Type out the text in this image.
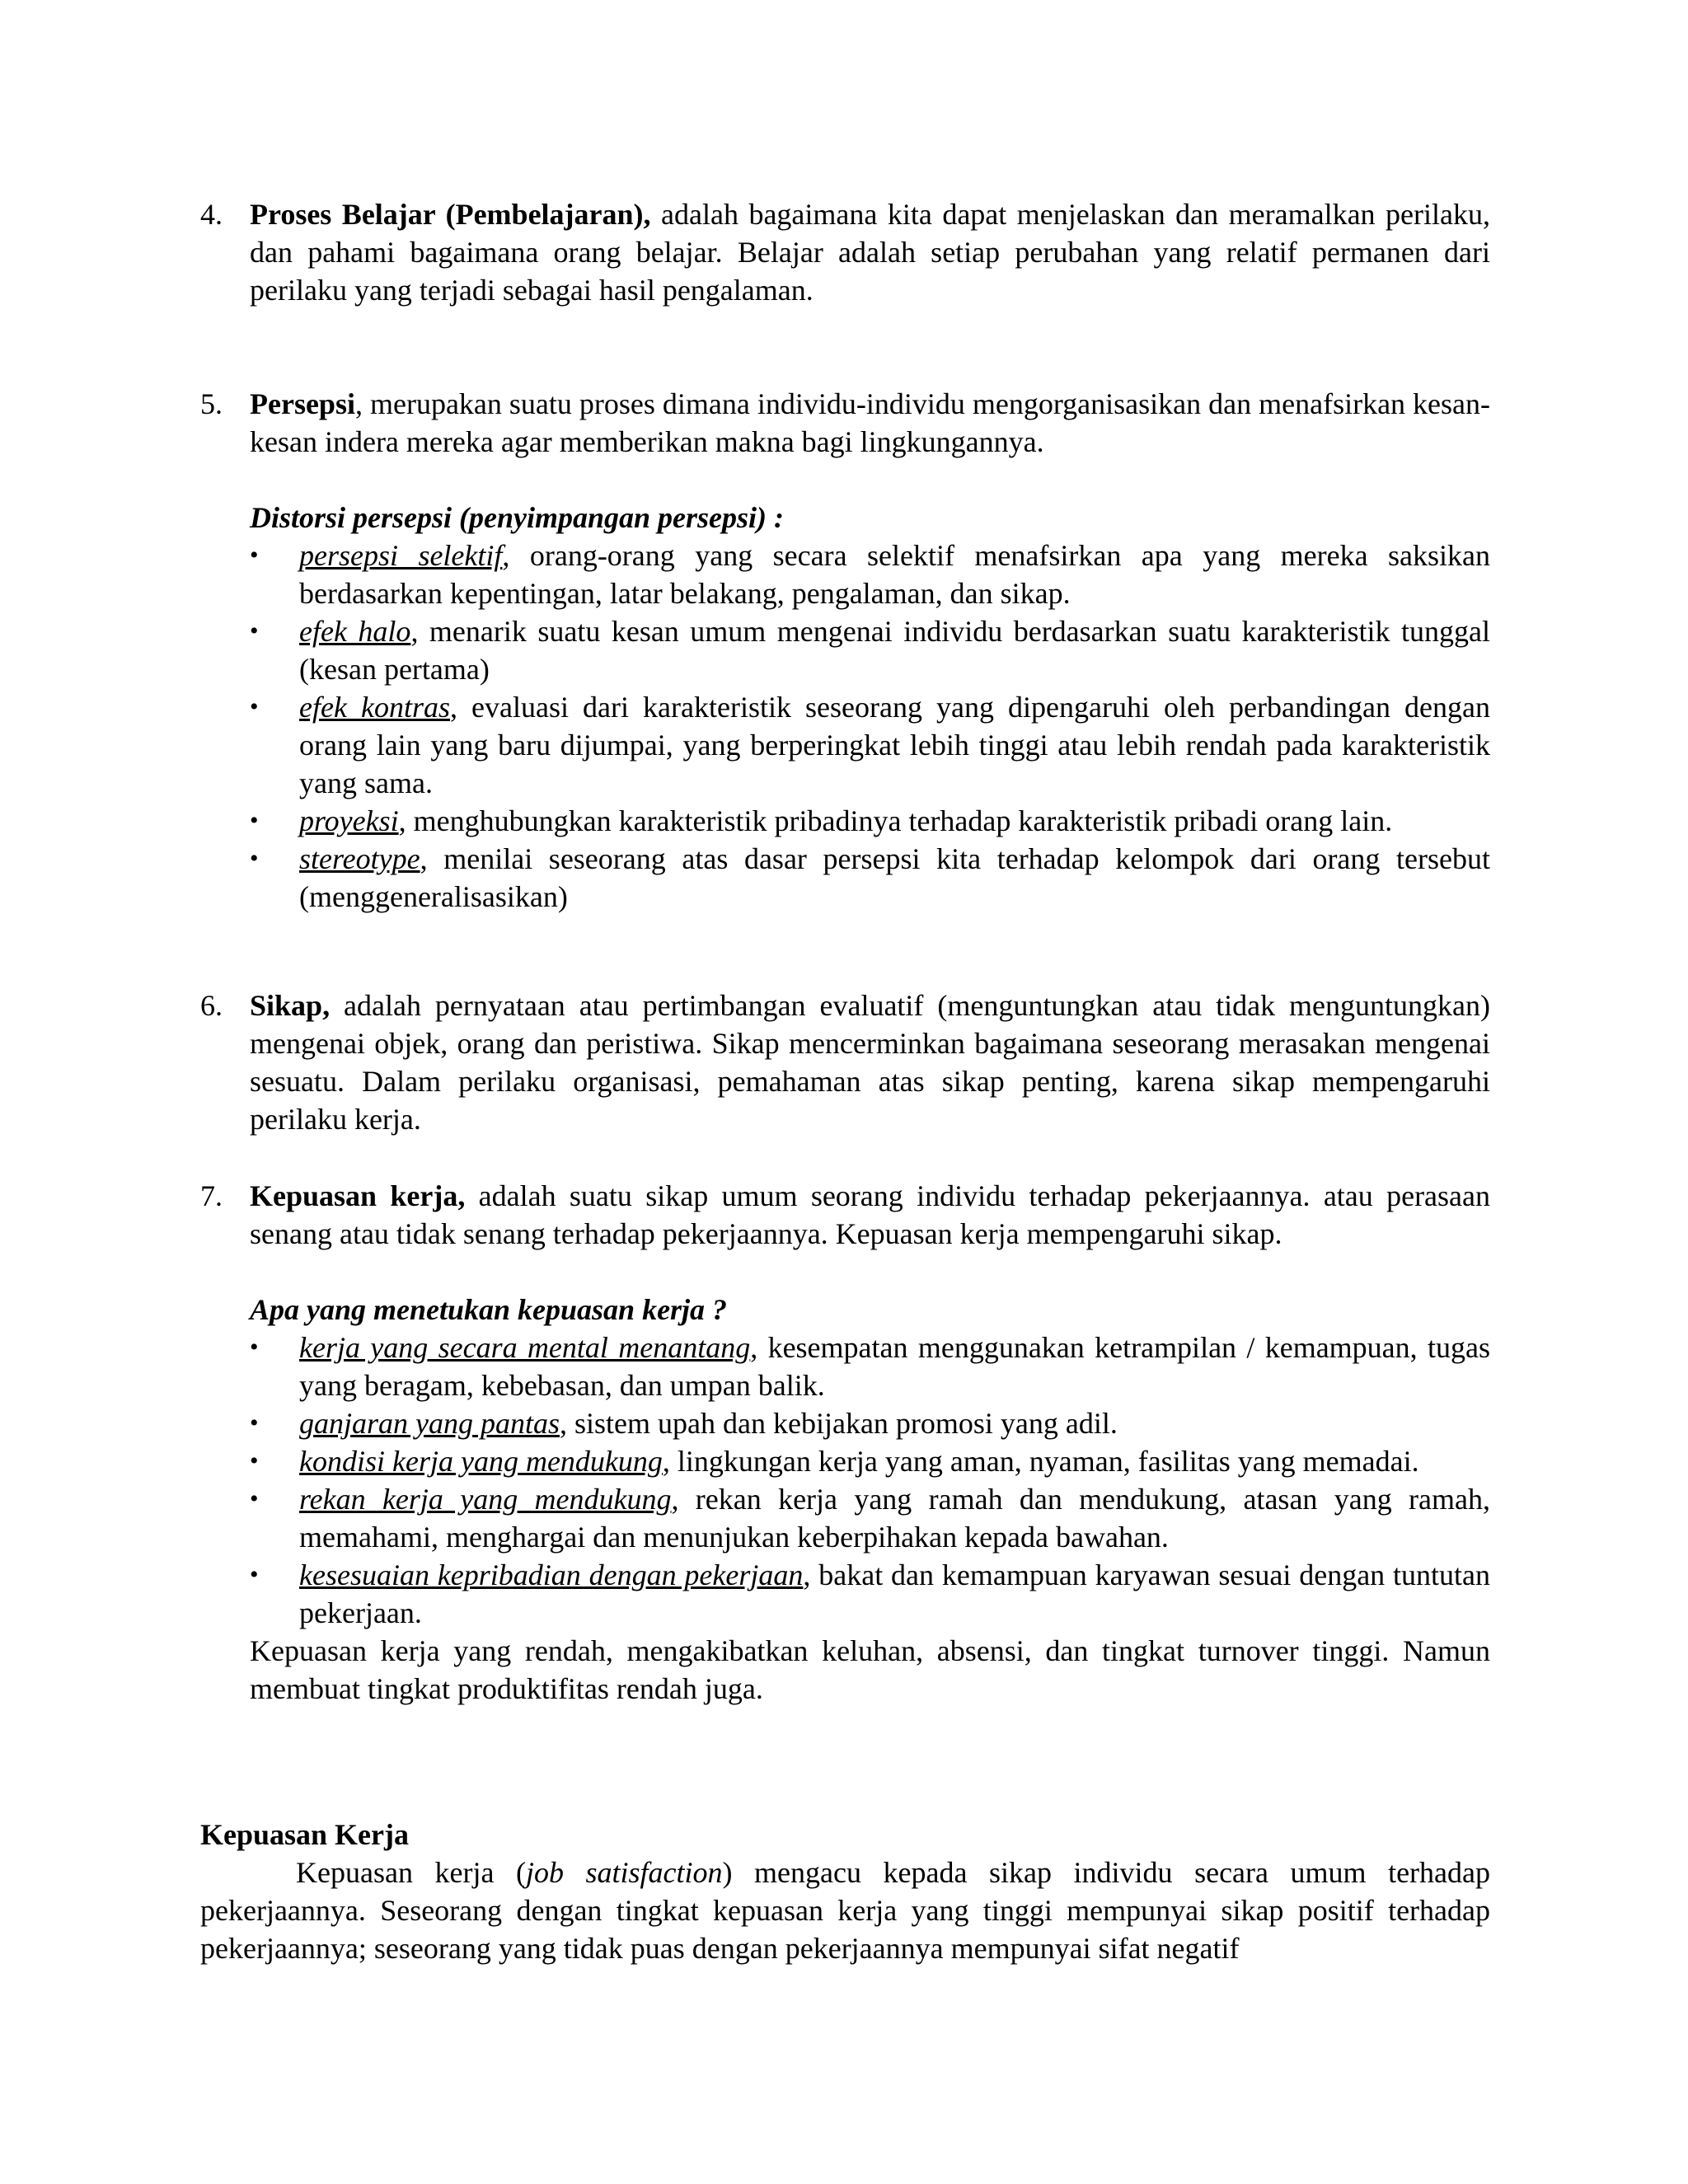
4. Proses Belajar (Pembelajaran), adalah bagaimana kita dapat menjelaskan dan meramalkan perilaku, dan pahami bagaimana orang belajar. Belajar adalah setiap perubahan yang relatif permanen dari perilaku yang terjadi sebagai hasil pengalaman.
5. Persepsi, merupakan suatu proses dimana individu-individu mengorganisasikan dan menafsirkan kesan-kesan indera mereka agar memberikan makna bagi lingkungannya.
Distorsi persepsi (penyimpangan persepsi) :
• persepsi selektif, orang-orang yang secara selektif menafsirkan apa yang mereka saksikan berdasarkan kepentingan, latar belakang, pengalaman, dan sikap.
• efek halo, menarik suatu kesan umum mengenai individu berdasarkan suatu karakteristik tunggal (kesan pertama)
• efek kontras, evaluasi dari karakteristik seseorang yang dipengaruhi oleh perbandingan dengan orang lain yang baru dijumpai, yang berperingkat lebih tinggi atau lebih rendah pada karakteristik yang sama.
• proyeksi, menghubungkan karakteristik pribadinya terhadap karakteristik pribadi orang lain.
• stereotype, menilai seseorang atas dasar persepsi kita terhadap kelompok dari orang tersebut (menggeneralisasikan)
6. Sikap, adalah pernyataan atau pertimbangan evaluatif (menguntungkan atau tidak menguntungkan) mengenai objek, orang dan peristiwa. Sikap mencerminkan bagaimana seseorang merasakan mengenai sesuatu. Dalam perilaku organisasi, pemahaman atas sikap penting, karena sikap mempengaruhi perilaku kerja.
7. Kepuasan kerja, adalah suatu sikap umum seorang individu terhadap pekerjaannya. atau perasaan senang atau tidak senang terhadap pekerjaannya. Kepuasan kerja mempengaruhi sikap.
Apa yang menetukan kepuasan kerja ?
• kerja yang secara mental menantang, kesempatan menggunakan ketrampilan / kemampuan, tugas yang beragam, kebebasan, dan umpan balik.
• ganjaran yang pantas, sistem upah dan kebijakan promosi yang adil.
• kondisi kerja yang mendukung, lingkungan kerja yang aman, nyaman, fasilitas yang memadai.
• rekan kerja yang mendukung, rekan kerja yang ramah dan mendukung, atasan yang ramah, memahami, menghargai dan menunjukan keberpihakan kepada bawahan.
• kesesuaian kepribadian dengan pekerjaan, bakat dan kemampuan karyawan sesuai dengan tuntutan pekerjaan.
Kepuasan kerja yang rendah, mengakibatkan keluhan, absensi, dan tingkat turnover tinggi. Namun membuat tingkat produktifitas rendah juga.
Kepuasan Kerja
Kepuasan kerja (job satisfaction) mengacu kepada sikap individu secara umum terhadap pekerjaannya. Seseorang dengan tingkat kepuasan kerja yang tinggi mempunyai sikap positif terhadap pekerjaannya; seseorang yang tidak puas dengan pekerjaannya mempunyai sifat negatif
